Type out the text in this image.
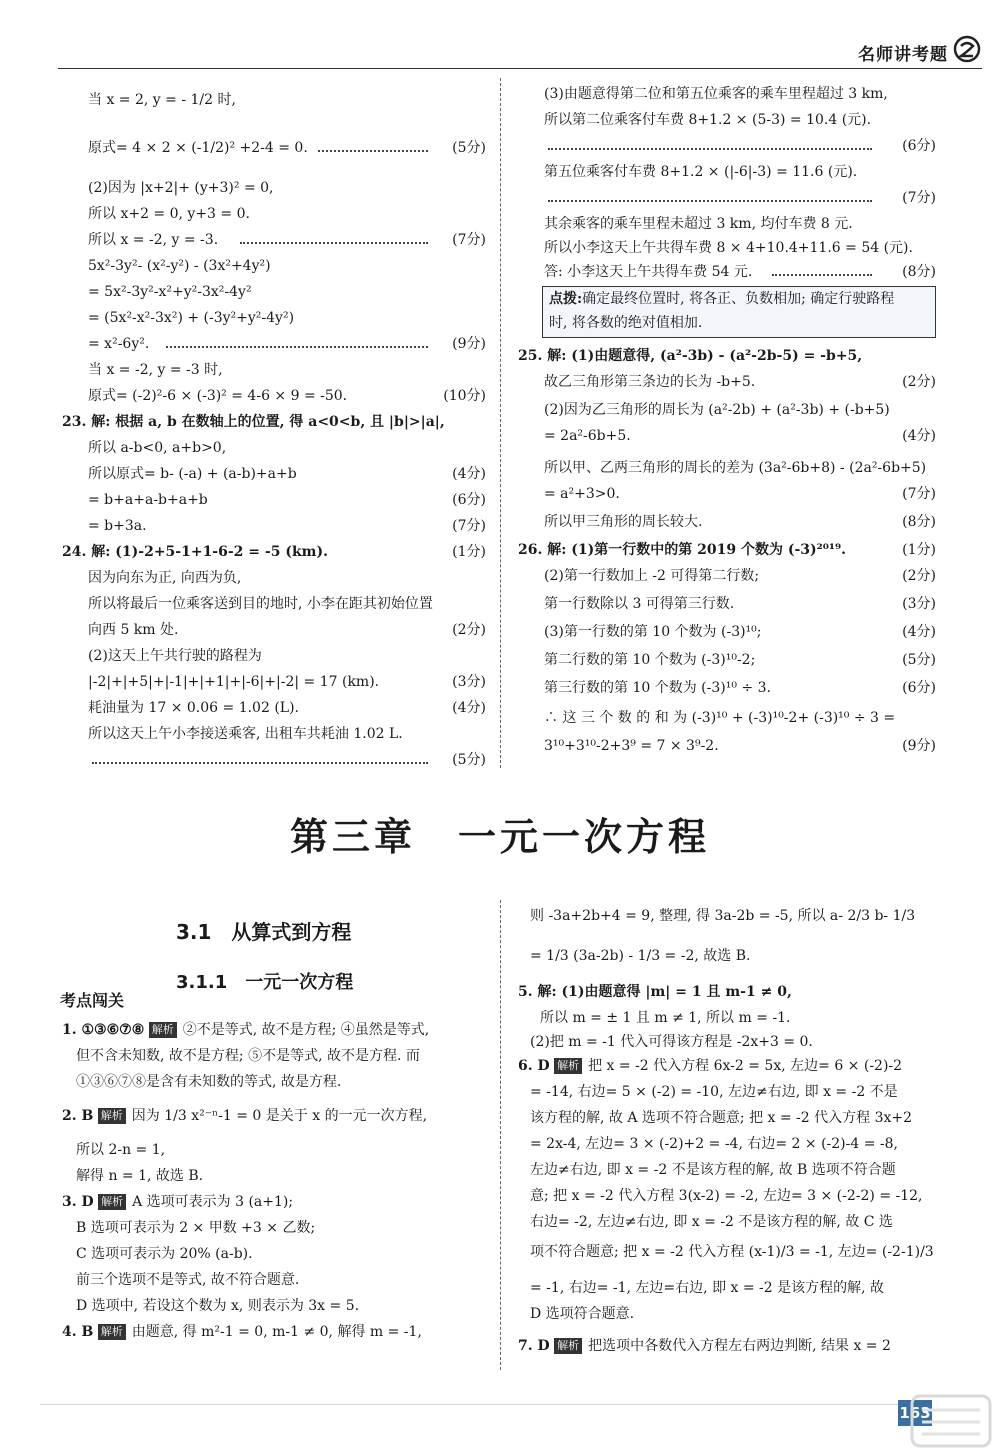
名师讲考题
当 x = 2, y = - 1/2 时,
原式= 4 × 2 × (-1/2)² +2-4 = 0.	(5分)
(2)因为 |x+2|+ (y+3)² = 0,
所以 x+2 = 0, y+3 = 0.
所以 x = -2, y = -3.	(7分)
5x²-3y²- (x²-y²) - (3x²+4y²)
= 5x²-3y²-x²+y²-3x²-4y²
= (5x²-x²-3x²) + (-3y²+y²-4y²)
= x²-6y².	(9分)
当 x = -2, y = -3 时,
原式= (-2)²-6 × (-3)² = 4-6 × 9 = -50.	(10分)
23. 解: 根据 a, b 在数轴上的位置, 得 a<0<b, 且 |b|>|a|,
所以 a-b<0, a+b>0,
所以原式= b- (-a) + (a-b)+a+b	(4分)
= b+a+a-b+a+b	(6分)
= b+3a.	(7分)
24. 解: (1)-2+5-1+1-6-2 = -5 (km).	(1分)
因为向东为正, 向西为负,
所以将最后一位乘客送到目的地时, 小李在距其初始位置
向西 5 km 处.	(2分)
(2)这天上午共行驶的路程为
|-2|+|+5|+|-1|+|+1|+|-6|+|-2| = 17 (km).	(3分)
耗油量为 17 × 0.06 = 1.02 (L).	(4分)
所以这天上午小李接送乘客, 出租车共耗油 1.02 L.
(5分)
(3)由题意得第二位和第五位乘客的乘车里程超过 3 km,
所以第二位乘客付车费 8+1.2 × (5-3) = 10.4 (元).
(6分)
第五位乘客付车费 8+1.2 × (|-6|-3) = 11.6 (元).
(7分)
其余乘客的乘车里程未超过 3 km, 均付车费 8 元.
所以小李这天上午共得车费 8 × 4+10.4+11.6 = 54 (元).
答: 小李这天上午共得车费 54 元.	(8分)
点拨:确定最终位置时, 将各正、负数相加; 确定行驶路程
时, 将各数的绝对值相加.
25. 解: (1)由题意得, (a²-3b) - (a²-2b-5) = -b+5,
故乙三角形第三条边的长为 -b+5.	(2分)
(2)因为乙三角形的周长为 (a²-2b) + (a²-3b) + (-b+5)
= 2a²-6b+5.	(4分)
所以甲、乙两三角形的周长的差为 (3a²-6b+8) - (2a²-6b+5)
= a²+3>0.	(7分)
所以甲三角形的周长较大.	(8分)
26. 解: (1)第一行数中的第 2019 个数为 (-3)²⁰¹⁹.	(1分)
(2)第一行数加上 -2 可得第二行数;	(2分)
第一行数除以 3 可得第三行数.	(3分)
(3)第一行数的第 10 个数为 (-3)¹⁰;	(4分)
第二行数的第 10 个数为 (-3)¹⁰-2;	(5分)
第三行数的第 10 个数为 (-3)¹⁰ ÷ 3.	(6分)
∴ 这 三 个 数 的 和 为 (-3)¹⁰ + (-3)¹⁰-2+ (-3)¹⁰ ÷ 3 =
3¹⁰+3¹⁰-2+3⁹ = 7 × 3⁹-2.	(9分)
第三章　一元一次方程
3.1　从算式到方程
3.1.1　一元一次方程
考点闯关
1. ①③⑥⑦⑧ 解析 ②不是等式, 故不是方程; ④虽然是等式,
但不含未知数, 故不是方程; ⑤不是等式, 故不是方程. 而
①③⑥⑦⑧是含有未知数的等式, 故是方程.
2. B 解析 因为 1/3 x²⁻ⁿ-1 = 0 是关于 x 的一元一次方程,
所以 2-n = 1,
解得 n = 1, 故选 B.
3. D 解析 A 选项可表示为 3 (a+1);
B 选项可表示为 2 × 甲数 +3 × 乙数;
C 选项可表示为 20% (a-b).
前三个选项不是等式, 故不符合题意.
D 选项中, 若设这个数为 x, 则表示为 3x = 5.
4. B 解析 由题意, 得 m²-1 = 0, m-1 ≠ 0, 解得 m = -1,
则 -3a+2b+4 = 9, 整理, 得 3a-2b = -5, 所以 a- 2/3 b- 1/3
= 1/3 (3a-2b) - 1/3 = -2, 故选 B.
5. 解: (1)由题意得 |m| = 1 且 m-1 ≠ 0,
所以 m = ± 1 且 m ≠ 1, 所以 m = -1.
(2)把 m = -1 代入可得该方程是 -2x+3 = 0.
6. D 解析 把 x = -2 代入方程 6x-2 = 5x, 左边= 6 × (-2)-2
= -14, 右边= 5 × (-2) = -10, 左边≠右边, 即 x = -2 不是
该方程的解, 故 A 选项不符合题意; 把 x = -2 代入方程 3x+2
= 2x-4, 左边= 3 × (-2)+2 = -4, 右边= 2 × (-2)-4 = -8,
左边≠右边, 即 x = -2 不是该方程的解, 故 B 选项不符合题
意; 把 x = -2 代入方程 3(x-2) = -2, 左边= 3 × (-2-2) = -12,
右边= -2, 左边≠右边, 即 x = -2 不是该方程的解, 故 C 选
项不符合题意; 把 x = -2 代入方程 (x-1)/3 = -1, 左边= (-2-1)/3
= -1, 右边= -1, 左边=右边, 即 x = -2 是该方程的解, 故
D 选项符合题意.
7. D 解析 把选项中各数代入方程左右两边判断, 结果 x = 2
163
